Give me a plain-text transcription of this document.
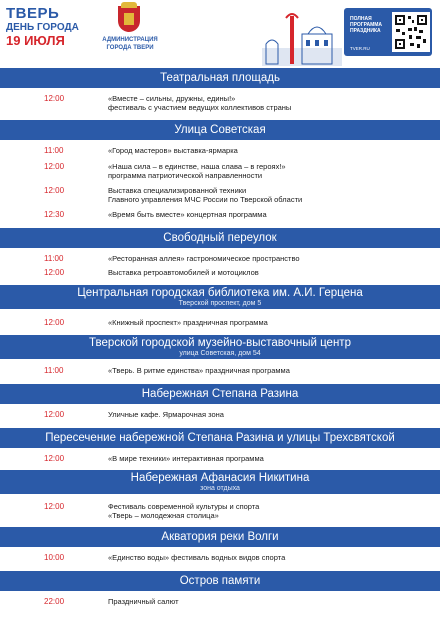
ТВЕРЬ
ДЕНЬ ГОРОДА
19 ИЮЛЯ	АДМИНИСТРАЦИЯ ГОРОДА ТВЕРИ
ПОЛНАЯ ПРОГРАММА ПРАЗДНИКА
TVER.RU
Театральная площадь
12:00	«Вместе – сильны, дружны, едины!»
фестиваль с участием ведущих коллективов страны
Улица Советская
11:00	«Город мастеров» выставка-ярмарка
12:00	«Наша сила – в единстве, наша слава – в героях!»
программа патриотической направленности
12:00	Выставка специализированной техники
Главного управления МЧС России по Тверской области
12:30	«Время быть вместе» концертная программа
Свободный переулок
11:00	«Ресторанная аллея» гастрономическое пространство
12:00	Выставка ретроавтомобилей и мотоциклов
Центральная городская библиотека им. А.И. Герцена
Тверской проспект, дом 5
12:00	«Книжный проспект» праздничная программа
Тверской городской музейно-выставочный центр
улица Советская, дом 54
11:00	«Тверь. В ритме единства» праздничная программа
Набережная Степана Разина
12:00	Уличные кафе. Ярмарочная зона
Пересечение набережной Степана Разина и улицы Трехсвятской
12:00	«В мире техники» интерактивная программа
Набережная Афанасия Никитина
зона отдыха
12:00	Фестиваль современной культуры и спорта
«Тверь – молодежная столица»
Акватория реки Волги
10:00	«Единство воды» фестиваль водных видов спорта
Остров памяти
22:00	Праздничный салют
